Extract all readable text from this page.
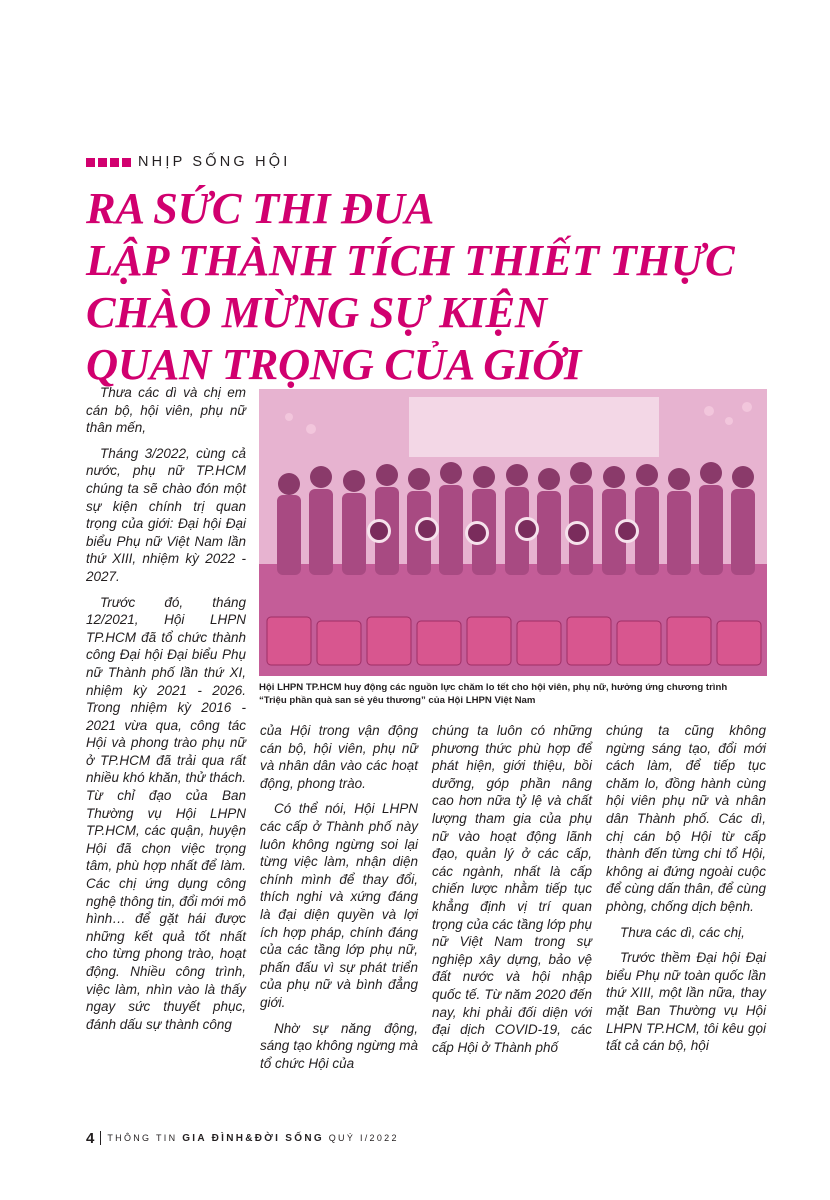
NHỊP SỐNG HỘI
RA SỨC THI ĐUA
LẬP THÀNH TÍCH THIẾT THỰC
CHÀO MỪNG SỰ KIỆN
QUAN TRỌNG CỦA GIỚI

Thưa các dì và chị em cán bộ, hội viên, phụ nữ thân mến,

Tháng 3/2022, cùng cả nước, phụ nữ TP.HCM chúng ta sẽ chào đón một sự kiện chính trị quan trọng của giới: Đại hội Đại biểu Phụ nữ Việt Nam lần thứ XIII, nhiệm kỳ 2022 - 2027.

Trước đó, tháng 12/2021, Hội LHPN TP.HCM đã tổ chức thành công Đại hội Đại biểu Phụ nữ Thành phố lần thứ XI, nhiệm kỳ 2021 - 2026. Trong nhiệm kỳ 2016 - 2021 vừa qua, công tác Hội và phong trào phụ nữ ở TP.HCM đã trải qua rất nhiều khó khăn, thử thách. Từ chỉ đạo của Ban Thường vụ Hội LHPN TP.HCM, các quận, huyện Hội đã chọn việc trọng tâm, phù hợp nhất để làm. Các chị ứng dụng công nghệ thông tin, đổi mới mô hình… để gặt hái được những kết quả tốt nhất cho từng phong trào, hoạt động. Nhiều công trình, việc làm, nhìn vào là thấy ngay sức thuyết phục, đánh dấu sự thành công

Hội LHPN TP.HCM huy động các nguồn lực chăm lo tết cho hội viên, phụ nữ, hưởng ứng chương trình
“Triệu phần quà san sẻ yêu thương” của Hội LHPN Việt Nam

của Hội trong vận động cán bộ, hội viên, phụ nữ và nhân dân vào các hoạt động, phong trào.

Có thể nói, Hội LHPN các cấp ở Thành phố này luôn không ngừng soi lại từng việc làm, nhận diện chính mình để thay đổi, thích nghi và xứng đáng là đại diện quyền và lợi ích hợp pháp, chính đáng của các tầng lớp phụ nữ, phấn đấu vì sự phát triển của phụ nữ và bình đẳng giới.

Nhờ sự năng động, sáng tạo không ngừng mà tổ chức Hội của

chúng ta luôn có những phương thức phù hợp để phát hiện, giới thiệu, bồi dưỡng, góp phần nâng cao hơn nữa tỷ lệ và chất lượng tham gia của phụ nữ vào hoạt động lãnh đạo, quản lý ở các cấp, các ngành, nhất là cấp chiến lược nhằm tiếp tục khẳng định vị trí quan trọng của các tầng lớp phụ nữ Việt Nam trong sự nghiệp xây dựng, bảo vệ đất nước và hội nhập quốc tế. Từ năm 2020 đến nay, khi phải đối diện với đại dịch COVID-19, các cấp Hội ở Thành phố

chúng ta cũng không ngừng sáng tạo, đổi mới cách làm, để tiếp tục chăm lo, đồng hành cùng hội viên phụ nữ và nhân dân Thành phố. Các dì, chị cán bộ Hội từ cấp thành đến từng chi tổ Hội, không ai đứng ngoài cuộc để cùng dấn thân, để cùng phòng, chống dịch bệnh.

Thưa các dì, các chị,

Trước thềm Đại hội Đại biểu Phụ nữ toàn quốc lần thứ XIII, một lần nữa, thay mặt Ban Thường vụ Hội LHPN TP.HCM, tôi kêu gọi tất cả cán bộ, hội

4 THÔNG TIN GIA ĐÌNH&ĐỜI SỐNG QUÝ I/2022
